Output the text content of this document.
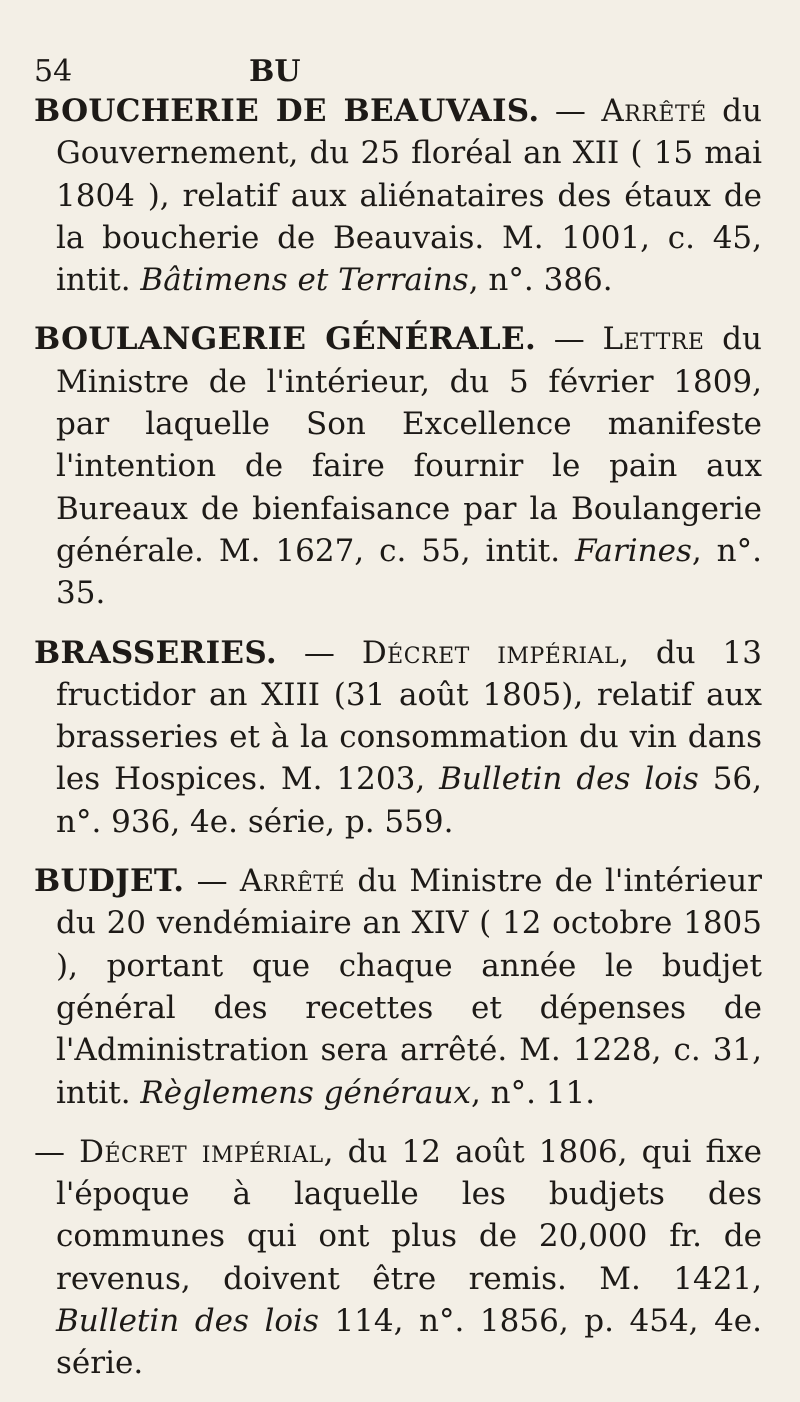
54	BU

BOUCHERIE DE BEAUVAIS. — Arrêté du Gouvernement, du 25 floréal an XII ( 15 mai 1804 ), relatif aux aliénataires des étaux de la boucherie de Beauvais. M. 1001, c. 45, intit. Bâtimens et Terrains, n°. 386.

BOULANGERIE GÉNÉRALE. — Lettre du Ministre de l'intérieur, du 5 février 1809, par laquelle Son Excellence manifeste l'intention de faire fournir le pain aux Bureaux de bienfaisance par la Boulangerie générale. M. 1627, c. 55, intit. Farines, n°. 35.

BRASSERIES. — Décret impérial, du 13 fructidor an XIII (31 août 1805), relatif aux brasseries et à la consommation du vin dans les Hospices. M. 1203, Bulletin des lois 56, n°. 936, 4e. série, p. 559.

BUDJET. — Arrêté du Ministre de l'intérieur du 20 vendémiaire an XIV ( 12 octobre 1805 ), portant que chaque année le budjet général des recettes et dépenses de l'Administration sera arrêté. M. 1228, c. 31, intit. Règlemens généraux, n°. 11.

— Décret impérial, du 12 août 1806, qui fixe l'époque à laquelle les budjets des communes qui ont plus de 20,000 fr. de revenus, doivent être remis. M. 1421, Bulletin des lois 114, n°. 1856, p. 454, 4e. série.
